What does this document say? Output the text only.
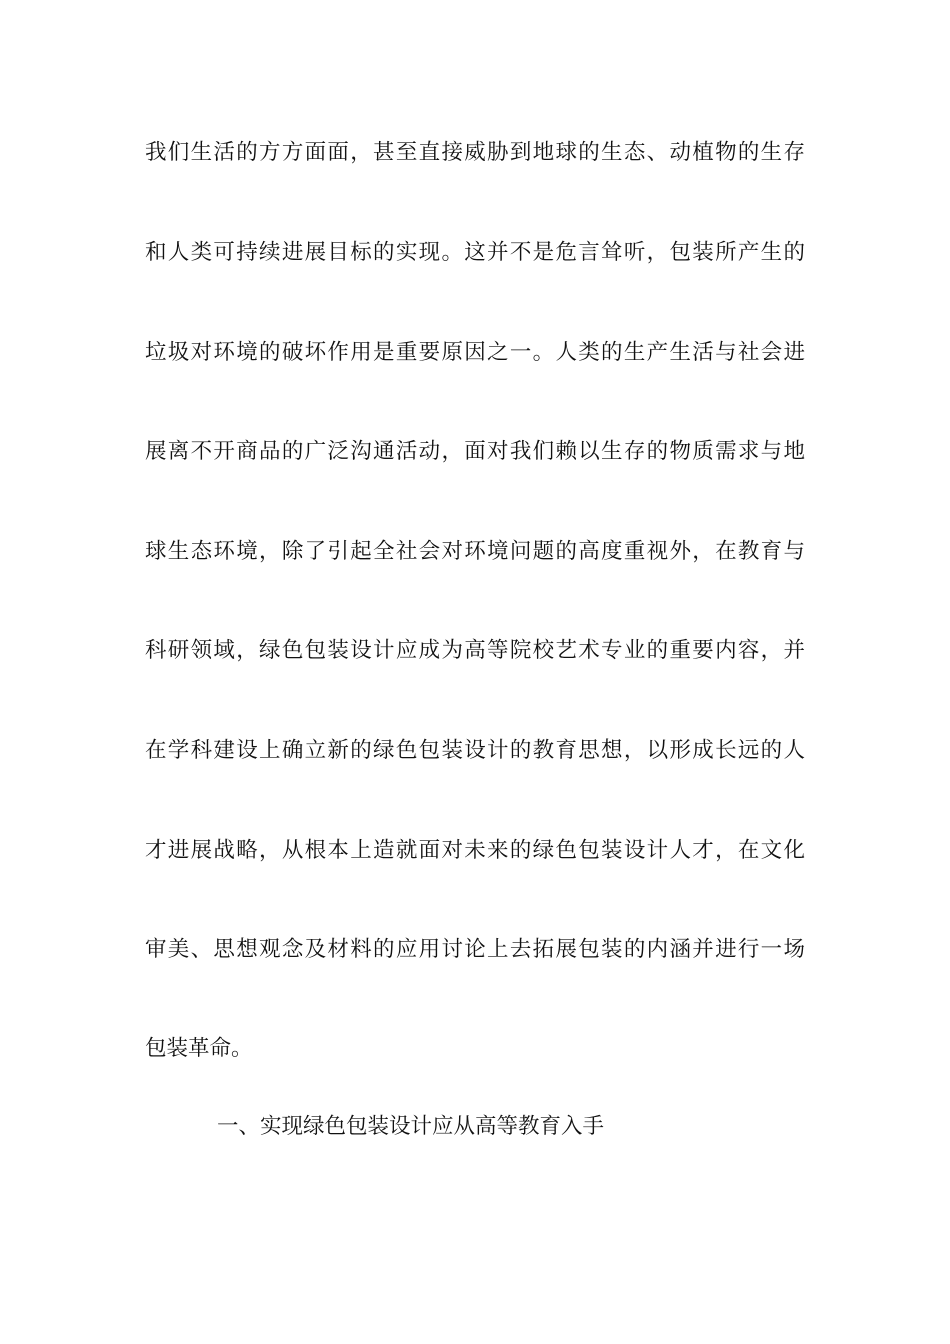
我们生活的方方面面，甚至直接威胁到地球的生态、动植物的生存
和人类可持续进展目标的实现。这并不是危言耸听，包装所产生的
垃圾对环境的破坏作用是重要原因之一。人类的生产生活与社会进
展离不开商品的广泛沟通活动，面对我们赖以生存的物质需求与地
球生态环境，除了引起全社会对环境问题的高度重视外，在教育与
科研领域，绿色包装设计应成为高等院校艺术专业的重要内容，并
在学科建设上确立新的绿色包装设计的教育思想，以形成长远的人
才进展战略，从根本上造就面对未来的绿色包装设计人才，在文化
审美、思想观念及材料的应用讨论上去拓展包装的内涵并进行一场
包装革命。
一、实现绿色包装设计应从高等教育入手
